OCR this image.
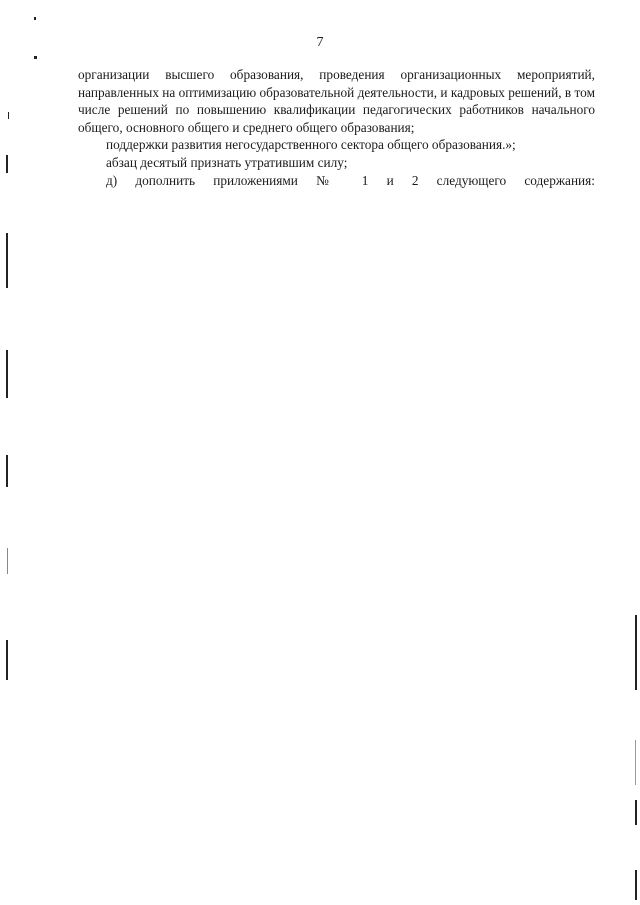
7

организации высшего образования, проведения организационных мероприятий, направленных на оптимизацию образовательной деятельности, и кадровых решений, в том числе решений по повышению квалификации педагогических работников начального общего, основного общего и среднего общего образования;

поддержки развития негосударственного сектора общего образования.»;

абзац десятый признать утратившим силу;

д) дополнить приложениями № 1 и 2 следующего содержания:
